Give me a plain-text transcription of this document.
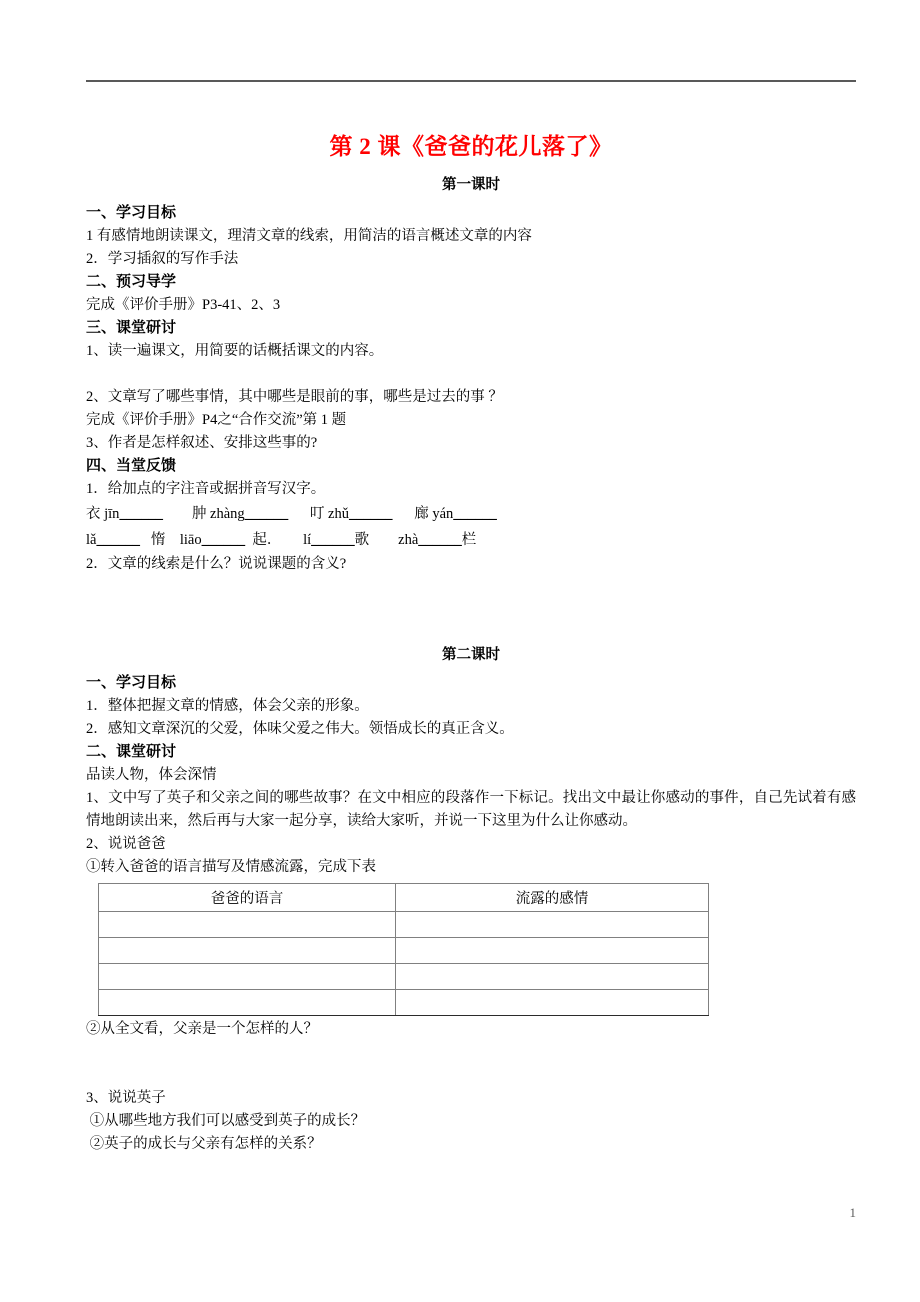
第 2 课《爸爸的花儿落了》
第一课时
一、学习目标
1 有感情地朗读课文，理清文章的线索，用简洁的语言概述文章的内容
2．学习插叙的写作手法
二、预习导学
完成《评价手册》P3-41、2、3
三、课堂研讨
1、读一遍课文，用简要的话概括课文的内容。
2、文章写了哪些事情，其中哪些是眼前的事，哪些是过去的事 ？
完成《评价手册》P4之“合作交流”第 1 题
3、作者是怎样叙述、安排这些事的?
四、当堂反馈
1．给加点的字注音或据拼音写汉字。
衣 jīn______ 肿 zhàng______ 叮 zhǔ______ 廊 yán______
lǎ______ 惰　liāo______ 起． lí______歌 zhà______栏
2．文章的线索是什么？说说课题的含义?
第二课时
一、学习目标
1．整体把握文章的情感，体会父亲的形象。
2．感知文章深沉的父爱，体味父爱之伟大。领悟成长的真正含义。
二、课堂研讨
品读人物，体会深情
1、文中写了英子和父亲之间的哪些故事？在文中相应的段落作一下标记。找出文中最让你感动的事件，自己先试着有感情地朗读出来，然后再与大家一起分享，读给大家听，并说一下这里为什么让你感动。
2、说说爸爸
①转入爸爸的语言描写及情感流露，完成下表
爸爸的语言	流露的感情

②从全文看，父亲是一个怎样的人？
3、说说英子
①从哪些地方我们可以感受到英子的成长？
②英子的成长与父亲有怎样的关系？
1
